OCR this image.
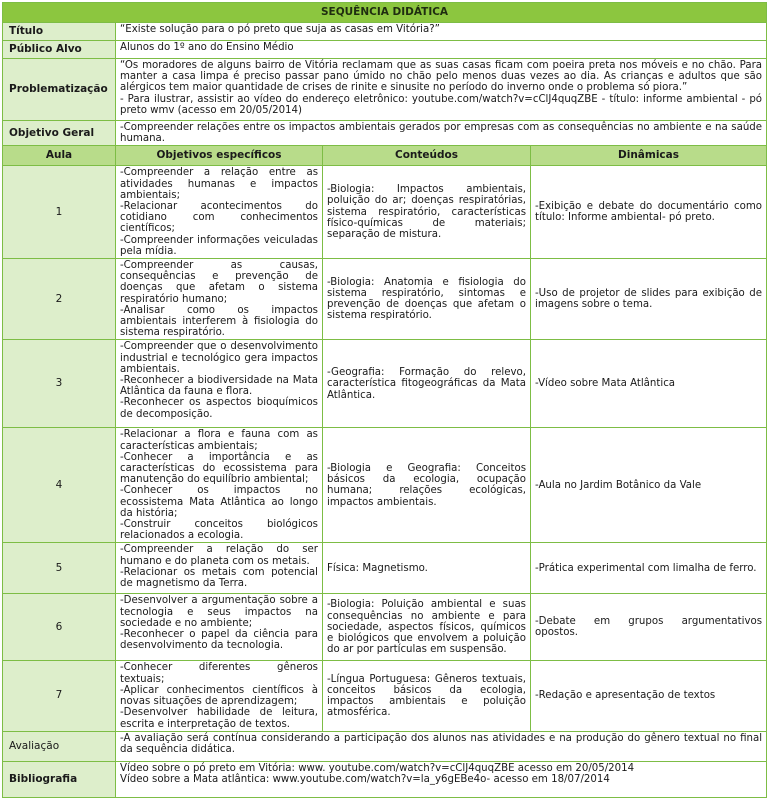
SEQUÊNCIA DIDÁTICA			
Título	“Existe solução para o pó preto que suja as casas em Vitória?”		

Público Alvo	Alunos do 1º ano do Ensino Médio		

Problematização	“Os moradores de alguns bairro de Vitória reclamam que as suas casas ficam com poeira preta nos móveis e no chão. Para manter a casa limpa é preciso passar pano úmido no chão pelo menos duas vezes ao dia. As crianças e adultos que são alérgicos tem maior quantidade de crises de rinite e sinusite no período do inverno onde o problema só piora.”
- Para ilustrar, assistir ao vídeo do endereço eletrônico: youtube.com/watch?v=cClJ4quqZBE - título: informe ambiental - pó preto wmv (acesso em 20/05/2014)		

Objetivo Geral	-Compreender relações entre os impactos ambientais gerados por empresas com as consequências no ambiente e na saúde humana.		

Aula	Objetivos específicos	Conteúdos	Dinâmicas
1	-Compreender a relação entre as atividades humanas e impactos ambientais;
-Relacionar acontecimentos do cotidiano com conhecimentos científicos;
-Compreender informações veiculadas pela mídia.	-Biologia: Impactos ambientais, poluição do ar; doenças respiratórias, sistema respiratório, características físico-químicas de materiais; separação de mistura.	-Exibição e debate do documentário como título: Informe ambiental- pó preto.
2	-Compreender as causas, consequências e prevenção de doenças que afetam o sistema respiratório humano;
-Analisar como os impactos ambientais interferem à fisiologia do sistema respiratório.	-Biologia: Anatomia e fisiologia do sistema respiratório, sintomas e prevenção de doenças que afetam o sistema respiratório.	-Uso de projetor de slides para exibição de imagens sobre o tema.
3	-Compreender que o desenvolvimento industrial e tecnológico gera impactos ambientais.
-Reconhecer a biodiversidade na Mata Atlântica da fauna e flora.
-Reconhecer os aspectos bioquímicos de decomposição.	-Geografia: Formação do relevo, característica fitogeográficas da Mata Atlântica.	-Vídeo sobre Mata Atlântica
4	-Relacionar a flora e fauna com as características ambientais;
-Conhecer a importância e as características do ecossistema para manutenção do equilíbrio ambiental;
-Conhecer os impactos no ecossistema Mata Atlântica ao longo da história;
-Construir conceitos biológicos relacionados a ecologia.	-Biologia e Geografia: Conceitos básicos da ecologia, ocupação humana; relações ecológicas, impactos ambientais.	-Aula no Jardim Botânico da Vale
5	-Compreender a relação do ser humano e do planeta com os metais.
-Relacionar os metais com potencial de magnetismo da Terra.	Física: Magnetismo.	-Prática experimental com limalha de ferro.
6	-Desenvolver a argumentação sobre a tecnologia e seus impactos na sociedade e no ambiente;
-Reconhecer o papel da ciência para desenvolvimento da tecnologia.	-Biologia: Poluição ambiental e suas consequências no ambiente e para sociedade, aspectos físicos, químicos e biológicos que envolvem a poluição do ar por partículas em suspensão.	-Debate em grupos argumentativos opostos.
7	-Conhecer diferentes gêneros textuais;
-Aplicar conhecimentos científicos à novas situações de aprendizagem;
-Desenvolver habilidade de leitura, escrita e interpretação de textos.	-Língua Portuguesa: Gêneros textuais, conceitos básicos da ecologia, impactos ambientais e poluição atmosférica.	-Redação e apresentação de textos
Avaliação	-A avaliação será contínua considerando a participação dos alunos nas atividades e na produção do gênero textual no final da sequência didática.		

Bibliografia	Vídeo sobre o pó preto em Vitória: www. youtube.com/watch?v=cClJ4quqZBE acesso em 20/05/2014
Vídeo sobre a Mata atlântica: www.youtube.com/watch?v=la_y6gEBe4o- acesso em 18/07/2014		
